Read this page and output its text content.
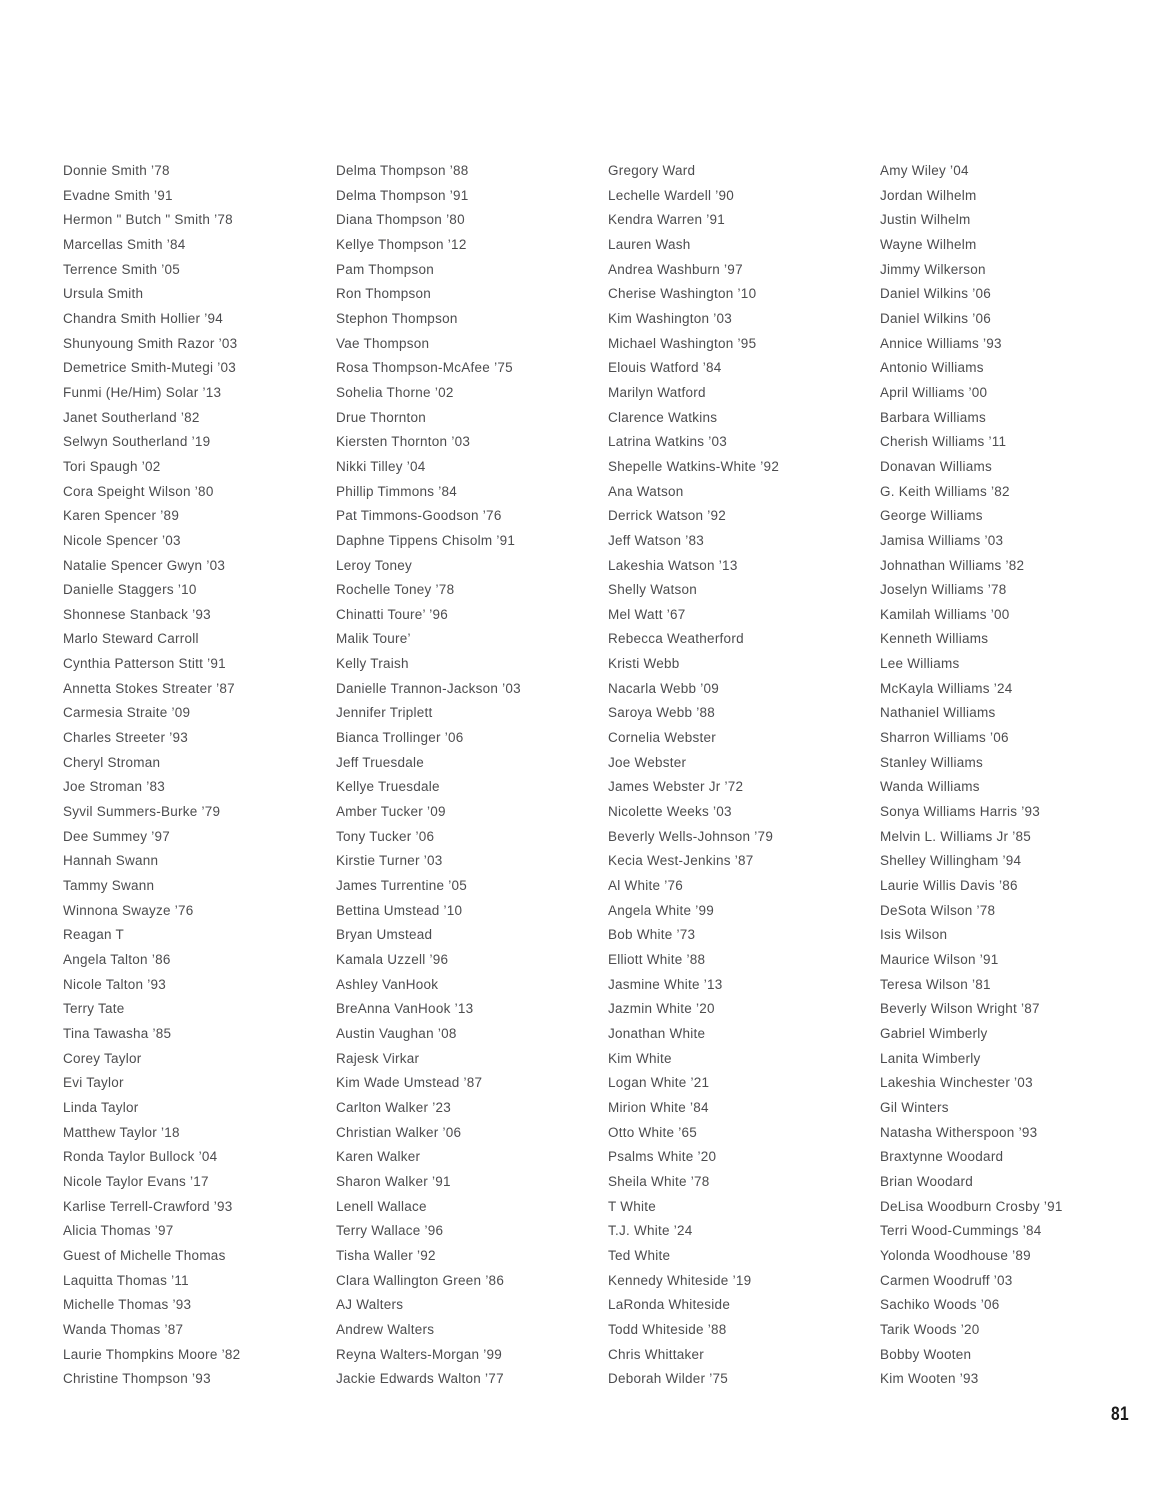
Donnie Smith ’78
Evadne Smith ’91
Hermon " Butch " Smith ’78
Marcellas Smith ’84
Terrence Smith ’05
Ursula Smith
Chandra Smith Hollier ’94
Shunyoung Smith Razor ’03
Demetrice Smith-Mutegi ’03
Funmi (He/Him) Solar ’13
Janet Southerland ’82
Selwyn Southerland ’19
Tori Spaugh ’02
Cora Speight Wilson ’80
Karen Spencer ’89
Nicole Spencer ’03
Natalie Spencer Gwyn ’03
Danielle Staggers ’10
Shonnese Stanback ’93
Marlo Steward Carroll
Cynthia Patterson Stitt ’91
Annetta Stokes Streater ’87
Carmesia Straite ’09
Charles Streeter ’93
Cheryl Stroman
Joe Stroman ’83
Syvil Summers-Burke ’79
Dee Summey ’97
Hannah Swann
Tammy Swann
Winnona Swayze ’76
Reagan T
Angela Talton ’86
Nicole Talton ’93
Terry Tate
Tina Tawasha ’85
Corey Taylor
Evi Taylor
Linda Taylor
Matthew Taylor ’18
Ronda Taylor Bullock ’04
Nicole Taylor Evans ’17
Karlise Terrell-Crawford ’93
Alicia Thomas ’97
Guest of Michelle Thomas
Laquitta Thomas ’11
Michelle Thomas ’93
Wanda Thomas ’87
Laurie Thompkins Moore ’82
Christine Thompson ’93
Delma Thompson ’88
Delma Thompson ’91
Diana Thompson ’80
Kellye Thompson ’12
Pam Thompson
Ron Thompson
Stephon Thompson
Vae Thompson
Rosa Thompson-McAfee ’75
Sohelia Thorne ’02
Drue Thornton
Kiersten Thornton ’03
Nikki Tilley ’04
Phillip Timmons ’84
Pat Timmons-Goodson ’76
Daphne Tippens Chisolm ’91
Leroy Toney
Rochelle Toney ’78
Chinatti Toure’ ’96
Malik Toure’
Kelly Traish
Danielle Trannon-Jackson ’03
Jennifer Triplett
Bianca Trollinger ’06
Jeff Truesdale
Kellye Truesdale
Amber Tucker ’09
Tony Tucker ’06
Kirstie Turner ’03
James Turrentine ’05
Bettina Umstead ’10
Bryan Umstead
Kamala Uzzell ’96
Ashley VanHook
BreAnna VanHook ’13
Austin Vaughan ’08
Rajesk Virkar
Kim Wade Umstead ’87
Carlton Walker ’23
Christian Walker ’06
Karen Walker
Sharon Walker ’91
Lenell Wallace
Terry Wallace ’96
Tisha Waller ’92
Clara Wallington Green ’86
AJ Walters
Andrew Walters
Reyna Walters-Morgan ’99
Jackie Edwards Walton ’77
Gregory Ward
Lechelle Wardell ’90
Kendra Warren ’91
Lauren Wash
Andrea Washburn ’97
Cherise Washington ’10
Kim Washington ’03
Michael Washington ’95
Elouis Watford ’84
Marilyn Watford
Clarence Watkins
Latrina Watkins ’03
Shepelle Watkins-White ’92
Ana Watson
Derrick Watson ’92
Jeff Watson ’83
Lakeshia Watson ’13
Shelly Watson
Mel Watt ’67
Rebecca Weatherford
Kristi Webb
Nacarla Webb ’09
Saroya Webb ’88
Cornelia Webster
Joe Webster
James Webster Jr ’72
Nicolette Weeks ’03
Beverly Wells-Johnson ’79
Kecia West-Jenkins ’87
Al White ’76
Angela White ’99
Bob White ’73
Elliott White ’88
Jasmine White ’13
Jazmin White ’20
Jonathan White
Kim White
Logan White ’21
Mirion White ’84
Otto White ’65
Psalms White ’20
Sheila White ’78
T White
T.J. White ’24
Ted White
Kennedy Whiteside ’19
LaRonda Whiteside
Todd Whiteside ’88
Chris Whittaker
Deborah Wilder ’75
Amy Wiley ’04
Jordan Wilhelm
Justin Wilhelm
Wayne Wilhelm
Jimmy Wilkerson
Daniel Wilkins ’06
Daniel Wilkins ’06
Annice Williams ’93
Antonio Williams
April Williams ’00
Barbara Williams
Cherish Williams ’11
Donavan Williams
G. Keith Williams ’82
George Williams
Jamisa Williams ’03
Johnathan Williams ’82
Joselyn Williams ’78
Kamilah Williams ’00
Kenneth Williams
Lee Williams
McKayla Williams ’24
Nathaniel Williams
Sharron Williams ’06
Stanley Williams
Wanda Williams
Sonya Williams Harris ’93
Melvin L. Williams Jr ’85
Shelley Willingham ’94
Laurie Willis Davis ’86
DeSota Wilson ’78
Isis Wilson
Maurice Wilson ’91
Teresa Wilson ’81
Beverly Wilson Wright ’87
Gabriel Wimberly
Lanita Wimberly
Lakeshia Winchester ’03
Gil Winters
Natasha Witherspoon ’93
Braxtynne Woodard
Brian Woodard
DeLisa Woodburn Crosby ’91
Terri Wood-Cummings ’84
Yolonda Woodhouse ’89
Carmen Woodruff ’03
Sachiko Woods ’06
Tarik Woods ’20
Bobby Wooten
Kim Wooten ’93
81
